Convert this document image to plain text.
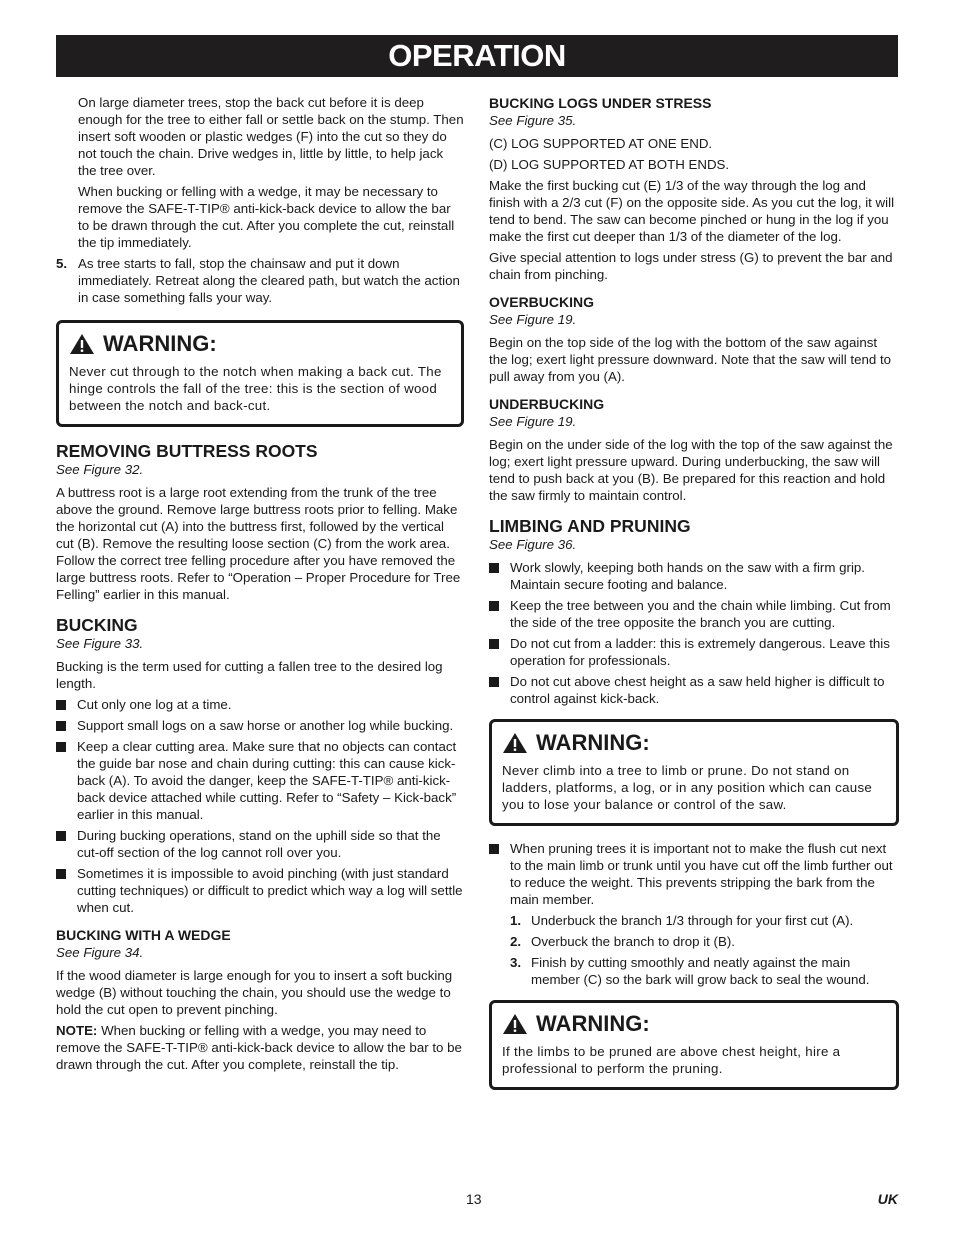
OPERATION

On large diameter trees, stop the back cut before it is deep enough for the tree to either fall or settle back on the stump. Then insert soft wooden or plastic wedges (F) into the cut so they do not touch the chain. Drive wedges in, little by little, to help jack the tree over.

When bucking or felling with a wedge, it may be necessary to remove the SAFE-T-TIP® anti-kick-back device to allow the bar to be drawn through the cut. After you complete the cut, reinstall the tip immediately.

5. As tree starts to fall, stop the chainsaw and put it down immediately. Retreat along the cleared path, but watch the action in case something falls your way.
WARNING:
Never cut through to the notch when making a back cut. The hinge controls the fall of the tree: this is the section of wood between the notch and back-cut.
REMOVING BUTTRESS ROOTS

See Figure 32.

A buttress root is a large root extending from the trunk of the tree above the ground. Remove large buttress roots prior to felling. Make the horizontal cut (A) into the buttress first, followed by the vertical cut (B). Remove the resulting loose section (C) from the work area. Follow the correct tree felling procedure after you have removed the large buttress roots. Refer to “Operation – Proper Procedure for Tree Felling” earlier in this manual.

BUCKING

See Figure 33.

Bucking is the term used for cutting a fallen tree to the desired log length.

Cut only one log at a time.
Support small logs on a saw horse or another log while bucking.
Keep a clear cutting area. Make sure that no objects can contact the guide bar nose and chain during cutting: this can cause kick-back (A). To avoid the danger, keep the SAFE-T-TIP® anti-kick-back device attached while cutting. Refer to “Safety – Kick-back” earlier in this manual.
During bucking operations, stand on the uphill side so that the cut-off section of the log cannot roll over you.
Sometimes it is impossible to avoid pinching (with just standard cutting techniques) or difficult to predict which way a log will settle when cut.
BUCKING WITH A WEDGE

See Figure 34.

If the wood diameter is large enough for you to insert a soft bucking wedge (B) without touching the chain, you should use the wedge to hold the cut open to prevent pinching.

NOTE: When bucking or felling with a wedge, you may need to remove the SAFE-T-TIP® anti-kick-back device to allow the bar to be drawn through the cut. After you complete, reinstall the tip.

BUCKING LOGS UNDER STRESS

See Figure 35.

(C) LOG SUPPORTED AT ONE END.

(D) LOG SUPPORTED AT BOTH ENDS.

Make the first bucking cut (E) 1/3 of the way through the log and finish with a 2/3 cut (F) on the opposite side. As you cut the log, it will tend to bend. The saw can become pinched or hung in the log if you make the first cut deeper than 1/3 of the diameter of the log.

Give special attention to logs under stress (G) to prevent the bar and chain from pinching.

OVERBUCKING

See Figure 19.

Begin on the top side of the log with the bottom of the saw against the log; exert light pressure downward. Note that the saw will tend to pull away from you (A).

UNDERBUCKING

See Figure 19.

Begin on the under side of the log with the top of the saw against the log; exert light pressure upward. During underbucking, the saw will tend to push back at you (B). Be prepared for this reaction and hold the saw firmly to maintain control.

LIMBING AND PRUNING

See Figure 36.

Work slowly, keeping both hands on the saw with a firm grip. Maintain secure footing and balance.
Keep the tree between you and the chain while limbing. Cut from the side of the tree opposite the branch you are cutting.
Do not cut from a ladder: this is extremely dangerous. Leave this operation for professionals.
Do not cut above chest height as a saw held higher is difficult to control against kick-back.
WARNING:
Never climb into a tree to limb or prune. Do not stand on ladders, platforms, a log, or in any position which can cause you to lose your balance or control of the saw.
When pruning trees it is important not to make the flush cut next to the main limb or trunk until you have cut off the limb further out to reduce the weight. This prevents stripping the bark from the main member.
1. Underbuck the branch 1/3 through for your first cut (A).
2. Overbuck the branch to drop it (B).
3. Finish by cutting smoothly and neatly against the main member (C) so the bark will grow back to seal the wound.
WARNING:
If the limbs to be pruned are above chest height, hire a professional to perform the pruning.
13	UK
